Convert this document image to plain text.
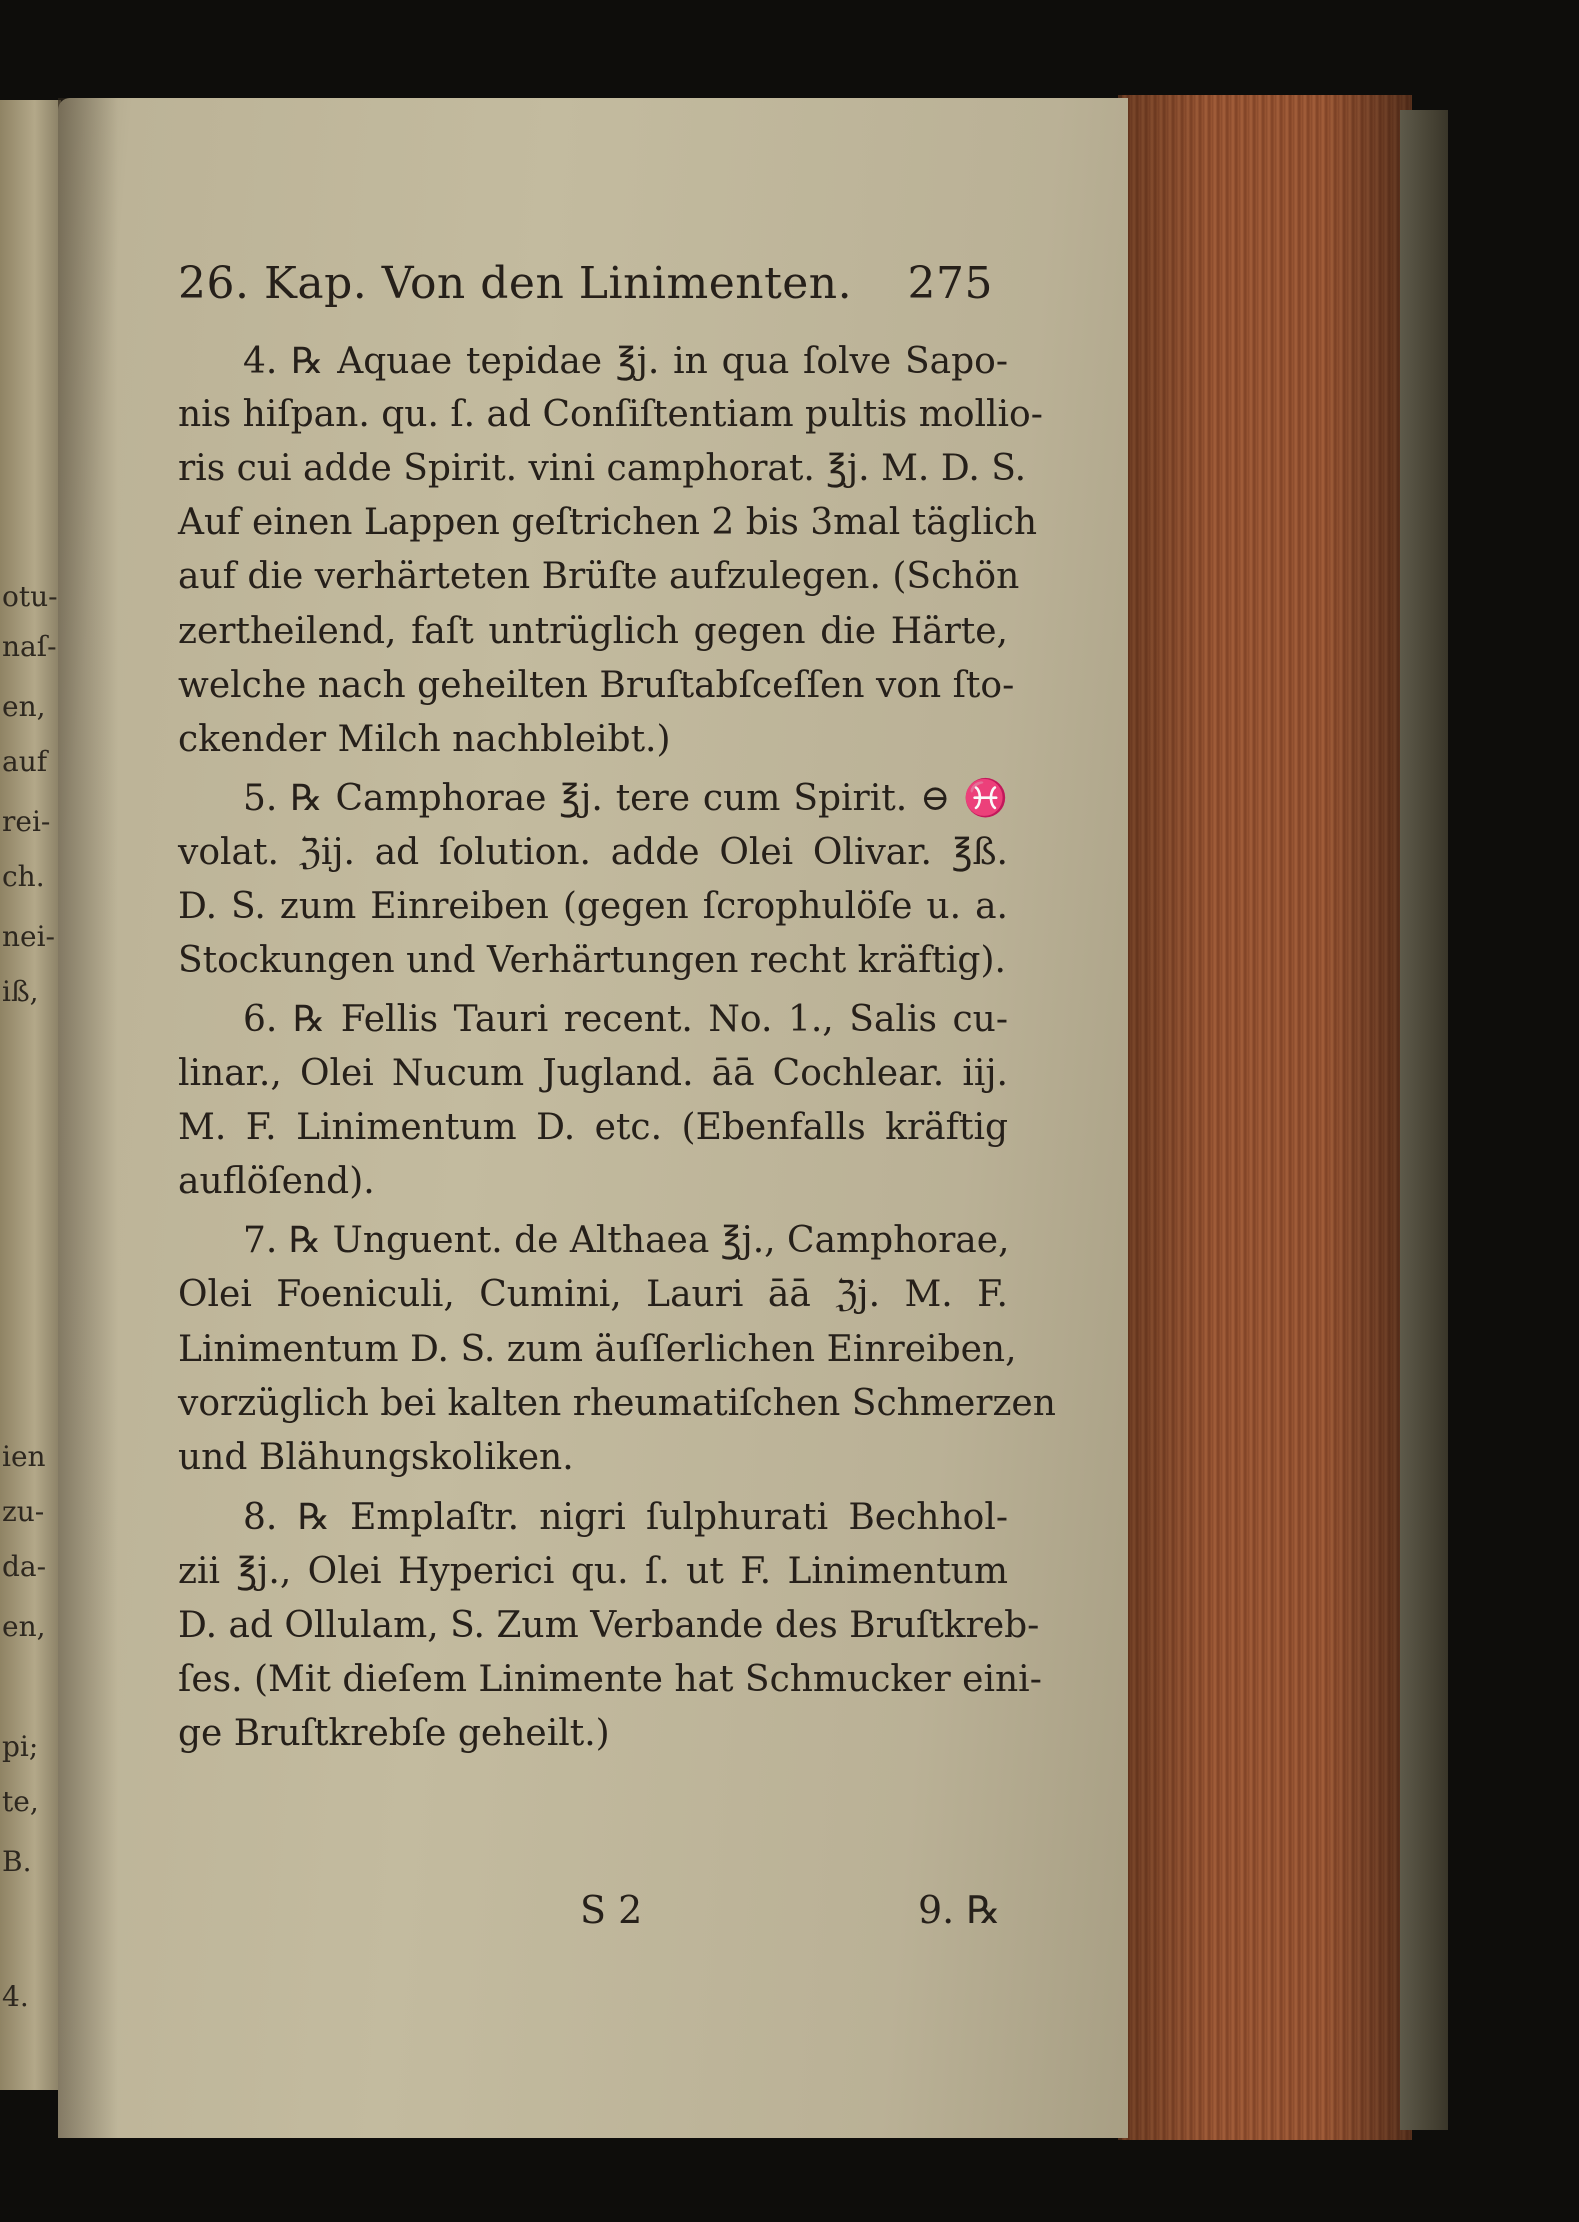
otu-
naſ-
en,
auf
rei-
ch.
nei-
iß,
ien
zu-
da-
en,
pi;
te,
B.
4.
26. Kap. Von den Linimenten. 275
4. ℞ Aquae tepidae ℥j. in qua ſolve Sapo-
nis hiſpan. qu. ſ. ad Conſiſtentiam pultis mollio-
ris cui adde Spirit. vini camphorat. ℥j. M. D. S.
Auf einen Lappen geſtrichen 2 bis 3mal täglich
auf die verhärteten Brüſte aufzulegen. (Schön
zertheilend, faſt untrüglich gegen die Härte,
welche nach geheilten Bruſtabſceſſen von ſto-
ckender Milch nachbleibt.)
5. ℞ Camphorae ℥j. tere cum Spirit. ⊖ ♓
volat. ℨij. ad ſolution. adde Olei Olivar. ℥ß.
D. S. zum Einreiben (gegen ſcrophulöſe u. a.
Stockungen und Verhärtungen recht kräftig).
6. ℞ Fellis Tauri recent. No. 1., Salis cu-
linar., Olei Nucum Jugland. āā Cochlear. iij.
M. F. Linimentum D. etc. (Ebenfalls kräftig
auflöſend).
7. ℞ Unguent. de Althaea ℥j., Camphorae,
Olei Foeniculi, Cumini, Lauri āā ℨj. M. F.
Linimentum D. S. zum äuſſerlichen Einreiben,
vorzüglich bei kalten rheumatiſchen Schmerzen
und Blähungskoliken.
8. ℞ Emplaſtr. nigri ſulphurati Bechhol-
zii ℥j., Olei Hyperici qu. ſ. ut F. Linimentum
D. ad Ollulam, S. Zum Verbande des Bruſtkreb-
ſes. (Mit dieſem Linimente hat Schmucker eini-
ge Bruſtkrebſe geheilt.)
S 2	9. ℞
